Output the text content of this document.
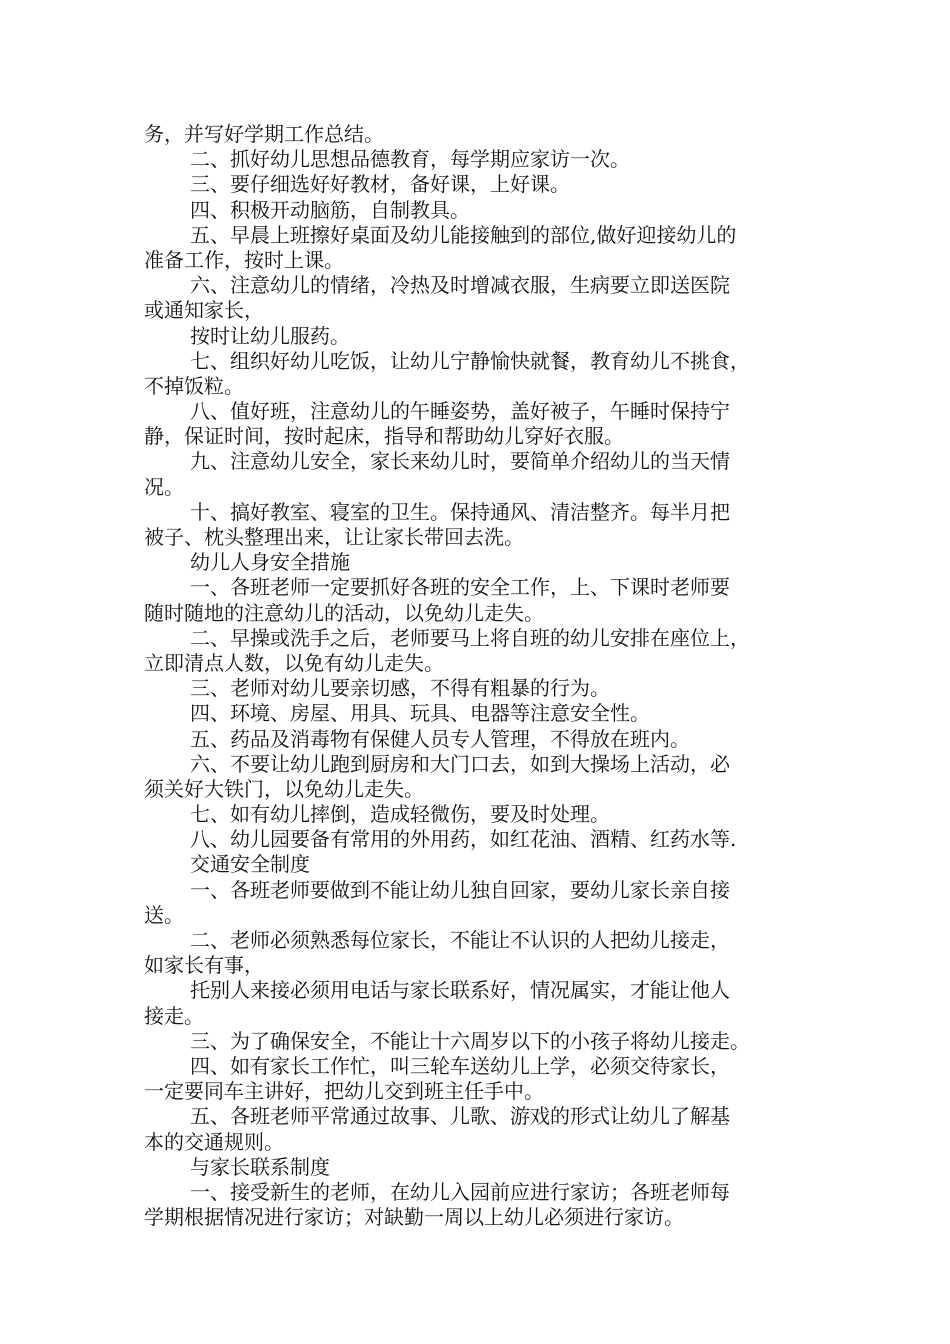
务，并写好学期工作总结。
二、抓好幼儿思想品德教育，每学期应家访一次。
三、要仔细选好好教材，备好课，上好课。
四、积极开动脑筋，自制教具。
五、早晨上班擦好桌面及幼儿能接触到的部位,做好迎接幼儿的
准备工作，按时上课。
六、注意幼儿的情绪，冷热及时增减衣服，生病要立即送医院
或通知家长，
按时让幼儿服药。
七、组织好幼儿吃饭，让幼儿宁静愉快就餐，教育幼儿不挑食，
不掉饭粒。
八、值好班，注意幼儿的午睡姿势，盖好被子，午睡时保持宁
静，保证时间，按时起床，指导和帮助幼儿穿好衣服。
九、注意幼儿安全，家长来幼儿时，要简单介绍幼儿的当天情
况。
十、搞好教室、寝室的卫生。保持通风、清洁整齐。每半月把
被子、枕头整理出来，让让家长带回去洗。
幼儿人身安全措施
一、各班老师一定要抓好各班的安全工作，上、下课时老师要
随时随地的注意幼儿的活动，以免幼儿走失。
二、早操或洗手之后，老师要马上将自班的幼儿安排在座位上，
立即清点人数，以免有幼儿走失。
三、老师对幼儿要亲切感，不得有粗暴的行为。
四、环境、房屋、用具、玩具、电器等注意安全性。
五、药品及消毒物有保健人员专人管理，不得放在班内。
六、不要让幼儿跑到厨房和大门口去，如到大操场上活动，必
须关好大铁门，以免幼儿走失。
七、如有幼儿摔倒，造成轻微伤，要及时处理。
八、幼儿园要备有常用的外用药，如红花油、酒精、红药水等.
交通安全制度
一、各班老师要做到不能让幼儿独自回家，要幼儿家长亲自接
送。
二、老师必须熟悉每位家长，不能让不认识的人把幼儿接走，
如家长有事，
托别人来接必须用电话与家长联系好，情况属实，才能让他人
接走。
三、为了确保安全，不能让十六周岁以下的小孩子将幼儿接走。
四、如有家长工作忙，叫三轮车送幼儿上学，必须交待家长，
一定要同车主讲好，把幼儿交到班主任手中。
五、各班老师平常通过故事、儿歌、游戏的形式让幼儿了解基
本的交通规则。
与家长联系制度
一、接受新生的老师，在幼儿入园前应进行家访；各班老师每
学期根据情况进行家访；对缺勤一周以上幼儿必须进行家访。
